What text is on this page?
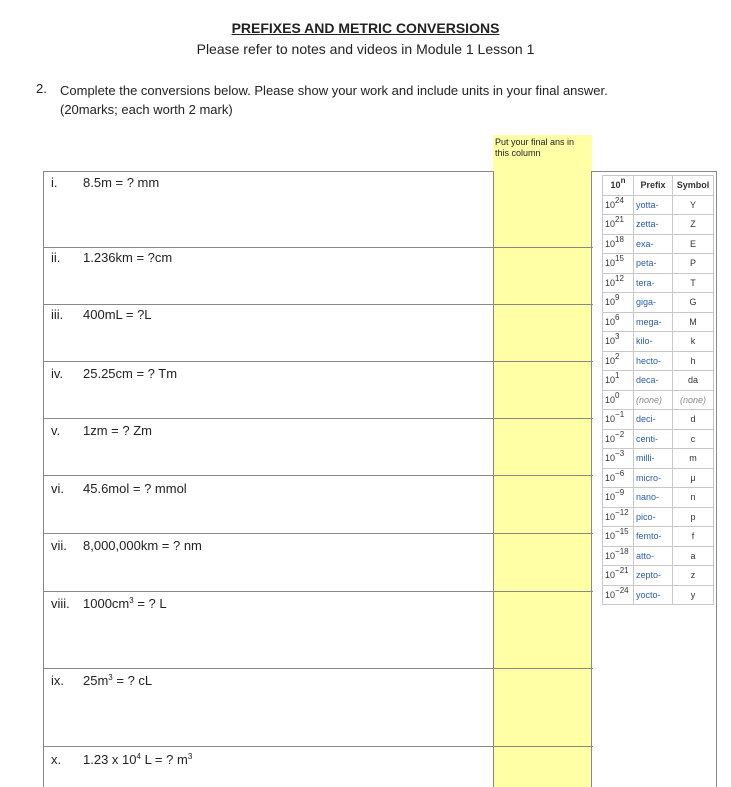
PREFIXES AND METRIC CONVERSIONS
Please refer to notes and videos in Module 1 Lesson 1
2. Complete the conversions below. Please show your work and include units in your final answer.
(20marks; each worth 2 mark)
Put your final ans in
this column
i. 8.5m = ? mm
ii. 1.236km = ?cm
iii. 400mL = ?L
iv. 25.25cm = ? Tm
v. 1zm = ? Zm
vi. 45.6mol = ? mmol
vii. 8,000,000km = ? nm
viii. $1000cm^3$ = ? L
ix. $25m^3$ = ? cL
x. 1.23 x $10^4$ L = ? $m^3$
10$^n$	Prefix	Symbol
$10^{24}$	yotta-	Y
$10^{21}$	zetta-	Z
$10^{18}$	exa-	E
$10^{15}$	peta-	P
$10^{12}$	tera-	T
$10^9$	giga-	G
$10^6$	mega-	M
$10^3$	kilo-	k
$10^2$	hecto-	h
$10^1$	deca-	da
$10^0$	(none)	(none)
$10^{-1}$	deci-	d
$10^{-2}$	centi-	c
$10^{-3}$	milli-	m
$10^{-6}$	micro-	μ
$10^{-9}$	nano-	n
$10^{-12}$	pico-	p
$10^{-15}$	femto-	f
$10^{-18}$	atto-	a
$10^{-21}$	zepto-	z
$10^{-24}$	yocto-	y
